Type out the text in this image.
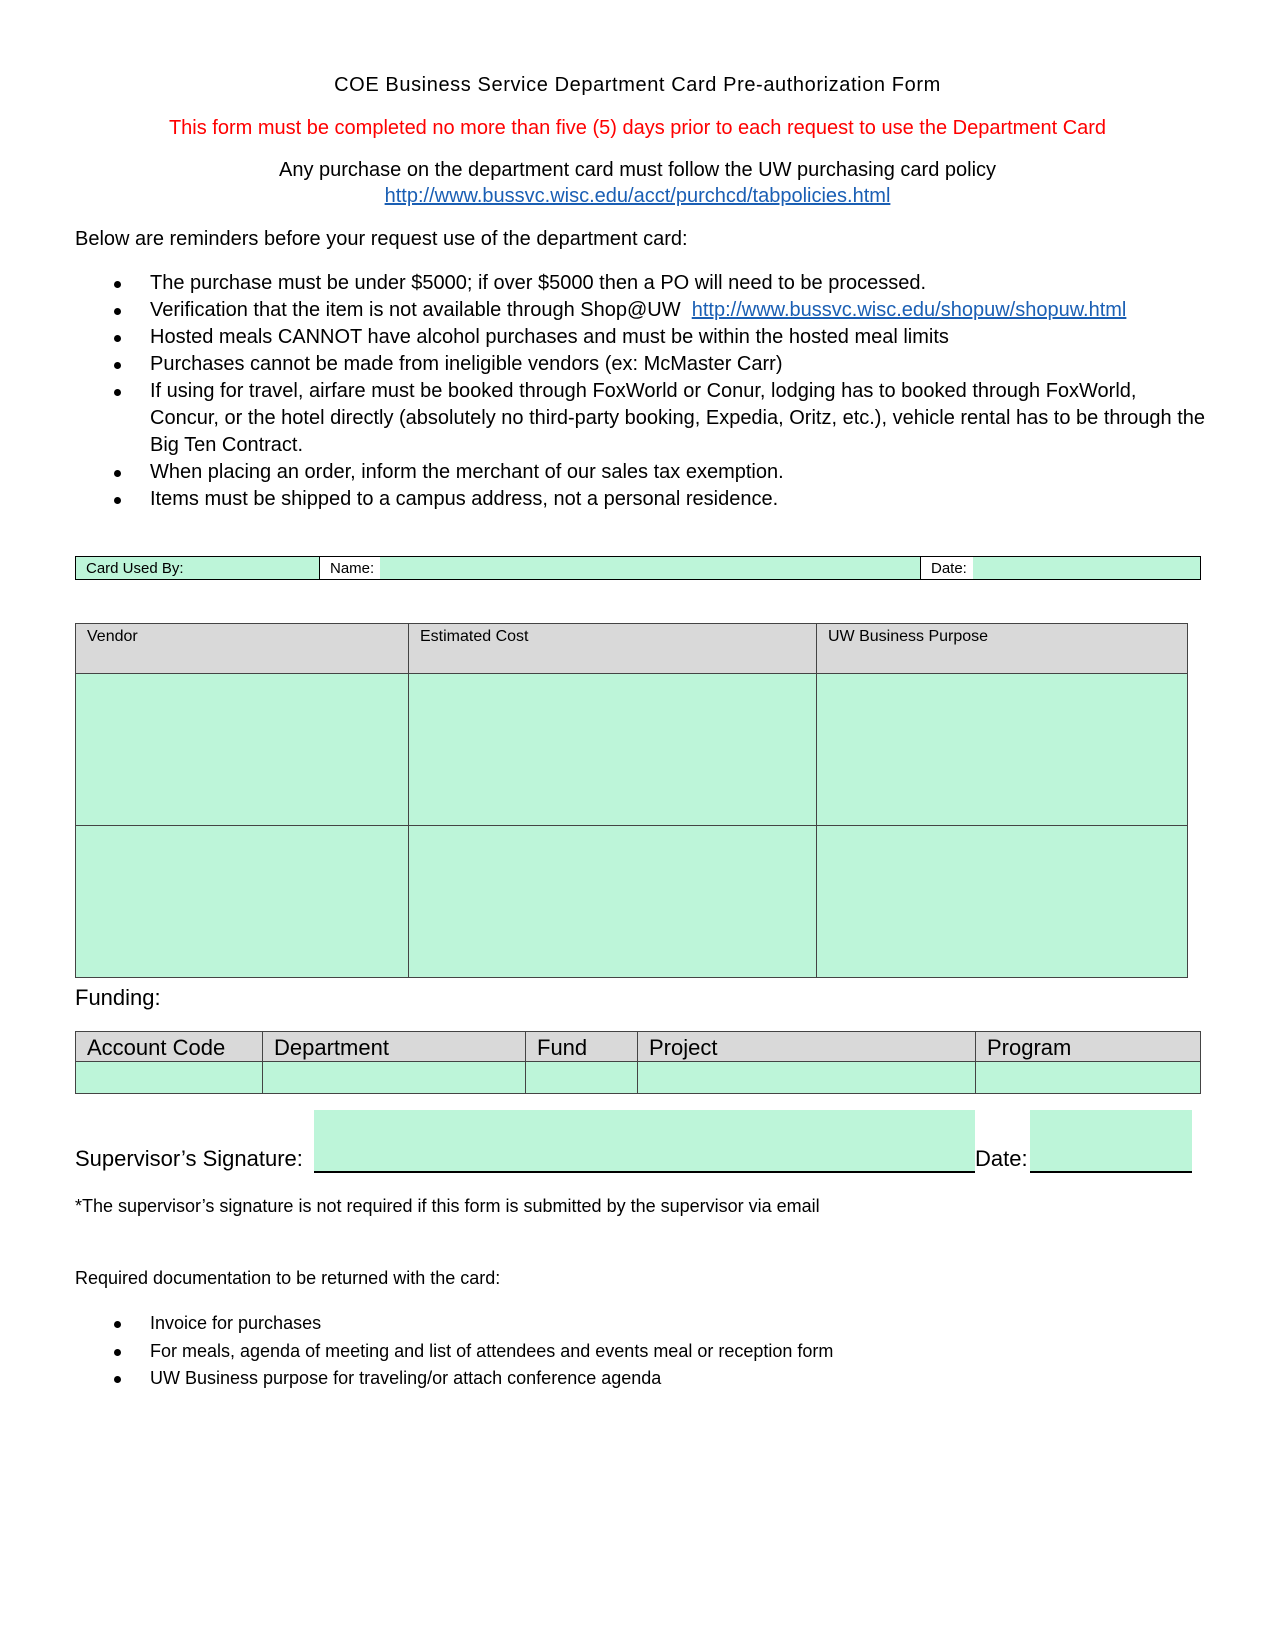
COE Business Service Department Card Pre-authorization Form
This form must be completed no more than five (5) days prior to each request to use the Department Card
Any purchase on the department card must follow the UW purchasing card policy
http://www.bussvc.wisc.edu/acct/purchcd/tabpolicies.html
Below are reminders before your request use of the department card:
The purchase must be under $5000; if over $5000 then a PO will need to be processed.
Verification that the item is not available through Shop@UW http://www.bussvc.wisc.edu/shopuw/shopuw.html
Hosted meals CANNOT have alcohol purchases and must be within the hosted meal limits
Purchases cannot be made from ineligible vendors (ex: McMaster Carr)
If using for travel, airfare must be booked through FoxWorld or Conur, lodging has to booked through FoxWorld, Concur, or the hotel directly (absolutely no third-party booking, Expedia, Oritz, etc.), vehicle rental has to be through the Big Ten Contract.
When placing an order, inform the merchant of our sales tax exemption.
Items must be shipped to a campus address, not a personal residence.
Card Used By:	Name:	Date:
Vendor	Estimated Cost	UW Business Purpose

Funding:
Account Code	Department	Fund	Project	Program

Supervisor’s Signature:	Date:
*The supervisor’s signature is not required if this form is submitted by the supervisor via email
Required documentation to be returned with the card:
Invoice for purchases
For meals, agenda of meeting and list of attendees and events meal or reception form
UW Business purpose for traveling/or attach conference agenda
